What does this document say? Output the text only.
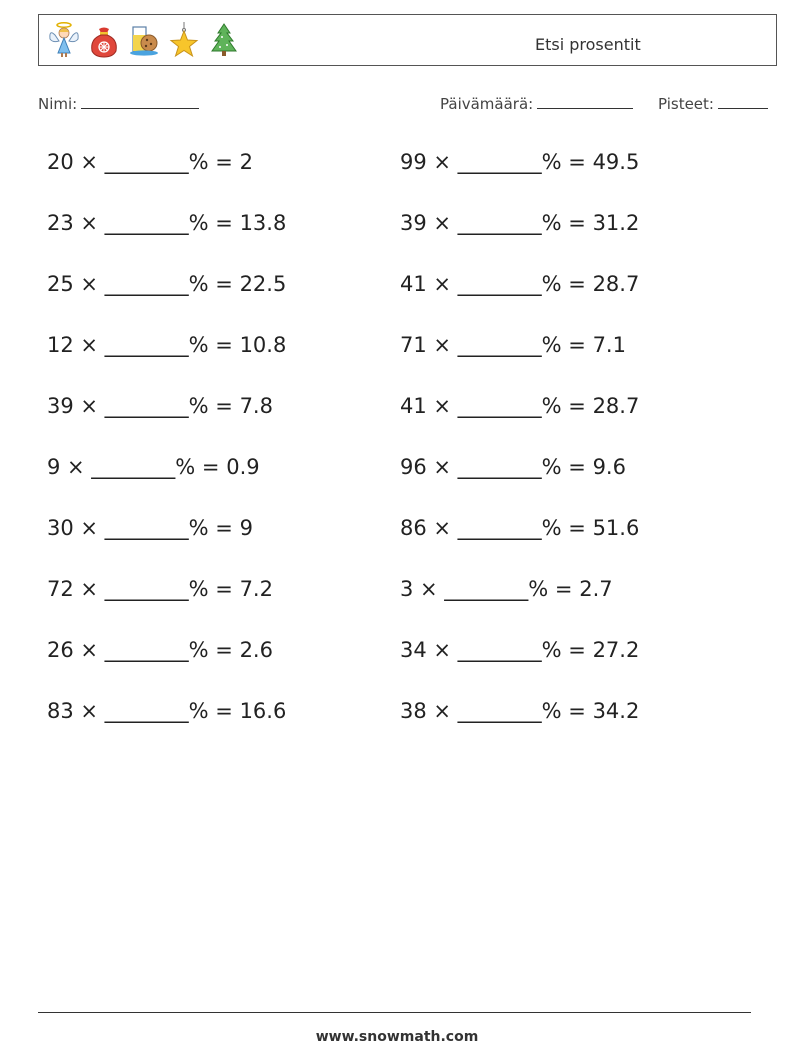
Etsi prosentit
Nimi:	Päivämäärä:	Pisteet:
20 × ________% = 2
23 × ________% = 13.8
25 × ________% = 22.5
12 × ________% = 10.8
39 × ________% = 7.8
9 × ________% = 0.9
30 × ________% = 9
72 × ________% = 7.2
26 × ________% = 2.6
83 × ________% = 16.6
99 × ________% = 49.5
39 × ________% = 31.2
41 × ________% = 28.7
71 × ________% = 7.1
41 × ________% = 28.7
96 × ________% = 9.6
86 × ________% = 51.6
3 × ________% = 2.7
34 × ________% = 27.2
38 × ________% = 34.2
www.snowmath.com
